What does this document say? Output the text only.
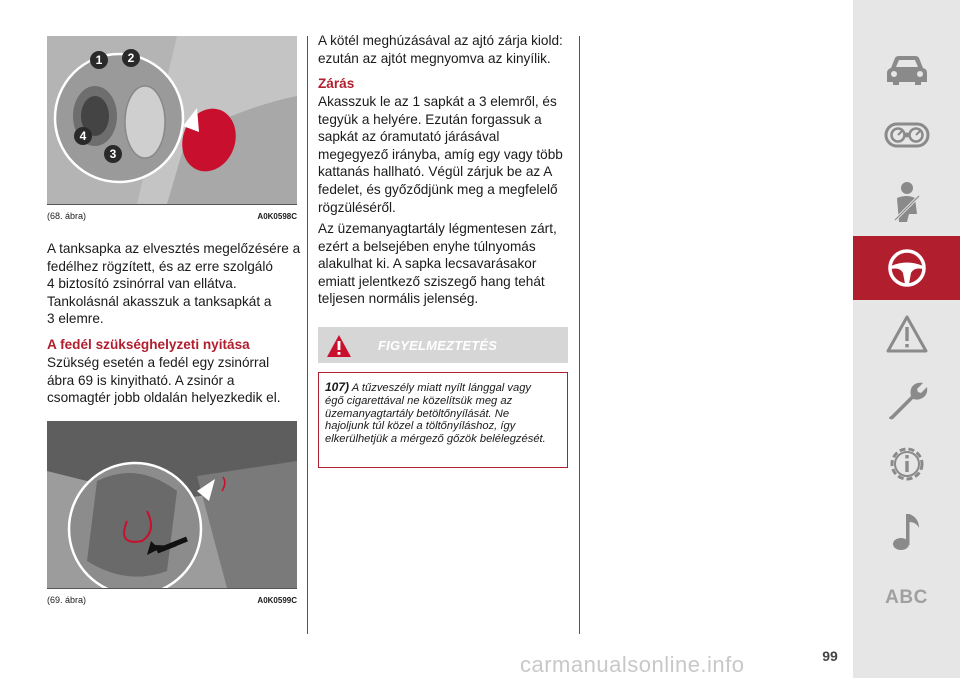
1 2
3
4
(68. ábra)	A0K0598C
A tanksapka az elvesztés megelőzésére a
fedélhez rögzített, és az erre szolgáló
4 biztosító zsinórral van ellátva.
Tankolásnál akasszuk a tanksapkát a
3 elemre.
A fedél szükséghelyzeti nyitása
Szükség esetén a fedél egy zsinórral
ábra 69 is kinyitható. A zsinór a
csomagtér jobb oldalán helyezkedik el.
(69. ábra)	A0K0599C
A kötél meghúzásával az ajtó zárja kiold:
ezután az ajtót megnyomva az kinyílik.
Zárás
Akasszuk le az 1 sapkát a 3 elemről, és
tegyük a helyére. Ezután forgassuk a
sapkát az óramutató járásával
megegyező irányba, amíg egy vagy több
kattanás hallható. Végül zárjuk be az A
fedelet, és győződjünk meg a megfelelő
rögzüléséről.
Az üzemanyagtartály légmentesen zárt,
ezért a belsejében enyhe túlnyomás
alakulhat ki. A sapka lecsavarásakor
emiatt jelentkező sziszegő hang tehát
teljesen normális jelenség.
FIGYELMEZTETÉS

107) A tűzveszély miatt nyílt lánggal vagy
égő cigarettával ne közelítsük meg az
üzemanyagtartály betöltőnyílását. Ne
hajoljunk túl közel a töltőnyíláshoz, így
elkerülhetjük a mérgező gőzök belélegzését.

ABC
carmanualsonline.info	99
